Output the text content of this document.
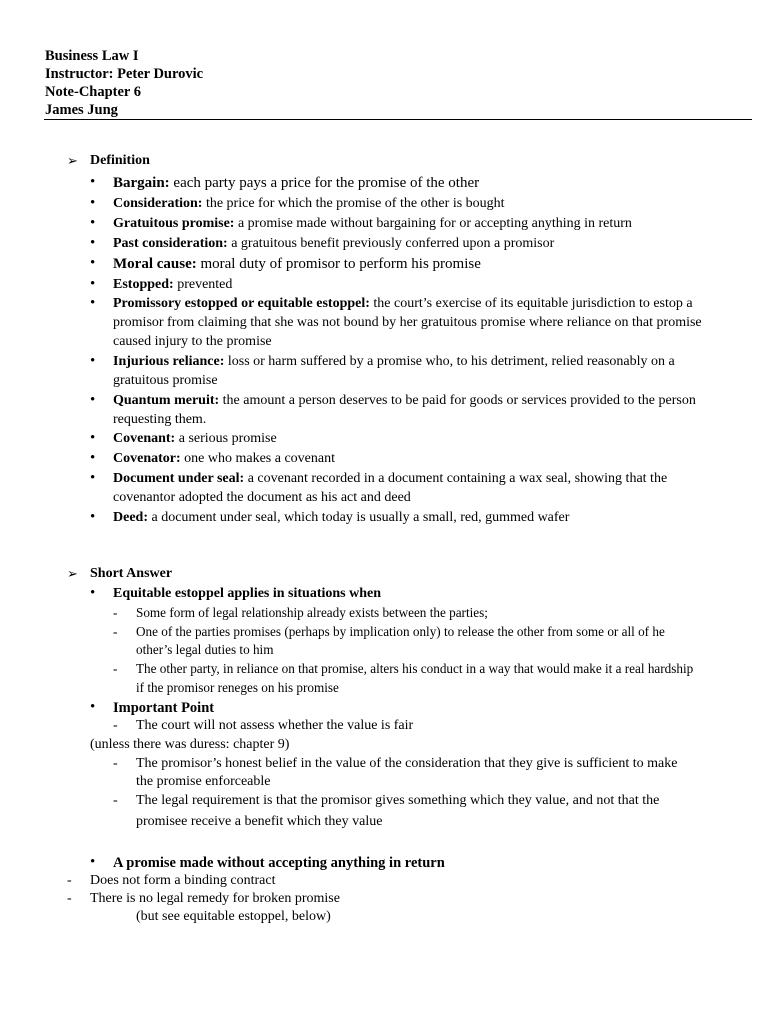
Business Law I
Instructor: Peter Durovic
Note-Chapter 6
James Jung
➢ Definition
• Bargain: each party pays a price for the promise of the other
• Consideration: the price for which the promise of the other is bought
• Gratuitous promise: a promise made without bargaining for or accepting anything in return
• Past consideration: a gratuitous benefit previously conferred upon a promisor
• Moral cause: moral duty of promisor to perform his promise
• Estopped: prevented
• Promissory estopped or equitable estoppel: the court’s exercise of its equitable jurisdiction to estop a
promisor from claiming that she was not bound by her gratuitous promise where reliance on that promise
caused injury to the promise
• Injurious reliance: loss or harm suffered by a promise who, to his detriment, relied reasonably on a
gratuitous promise
• Quantum meruit: the amount a person deserves to be paid for goods or services provided to the person
requesting them.
• Covenant: a serious promise
• Covenator: one who makes a covenant
• Document under seal: a covenant recorded in a document containing a wax seal, showing that the
covenantor adopted the document as his act and deed
• Deed: a document under seal, which today is usually a small, red, gummed wafer
➢ Short Answer
• Equitable estoppel applies in situations when
- Some form of legal relationship already exists between the parties;
- One of the parties promises (perhaps by implication only) to release the other from some or all of he
other’s legal duties to him
- The other party, in reliance on that promise, alters his conduct in a way that would make it a real hardship
if the promisor reneges on his promise
• Important Point
- The court will not assess whether the value is fair
(unless there was duress: chapter 9)
- The promisor’s honest belief in the value of the consideration that they give is sufficient to make
the promise enforceable
- The legal requirement is that the promisor gives something which they value, and not that the
promisee receive a benefit which they value
• A promise made without accepting anything in return
- Does not form a binding contract
- There is no legal remedy for broken promise
(but see equitable estoppel, below)
